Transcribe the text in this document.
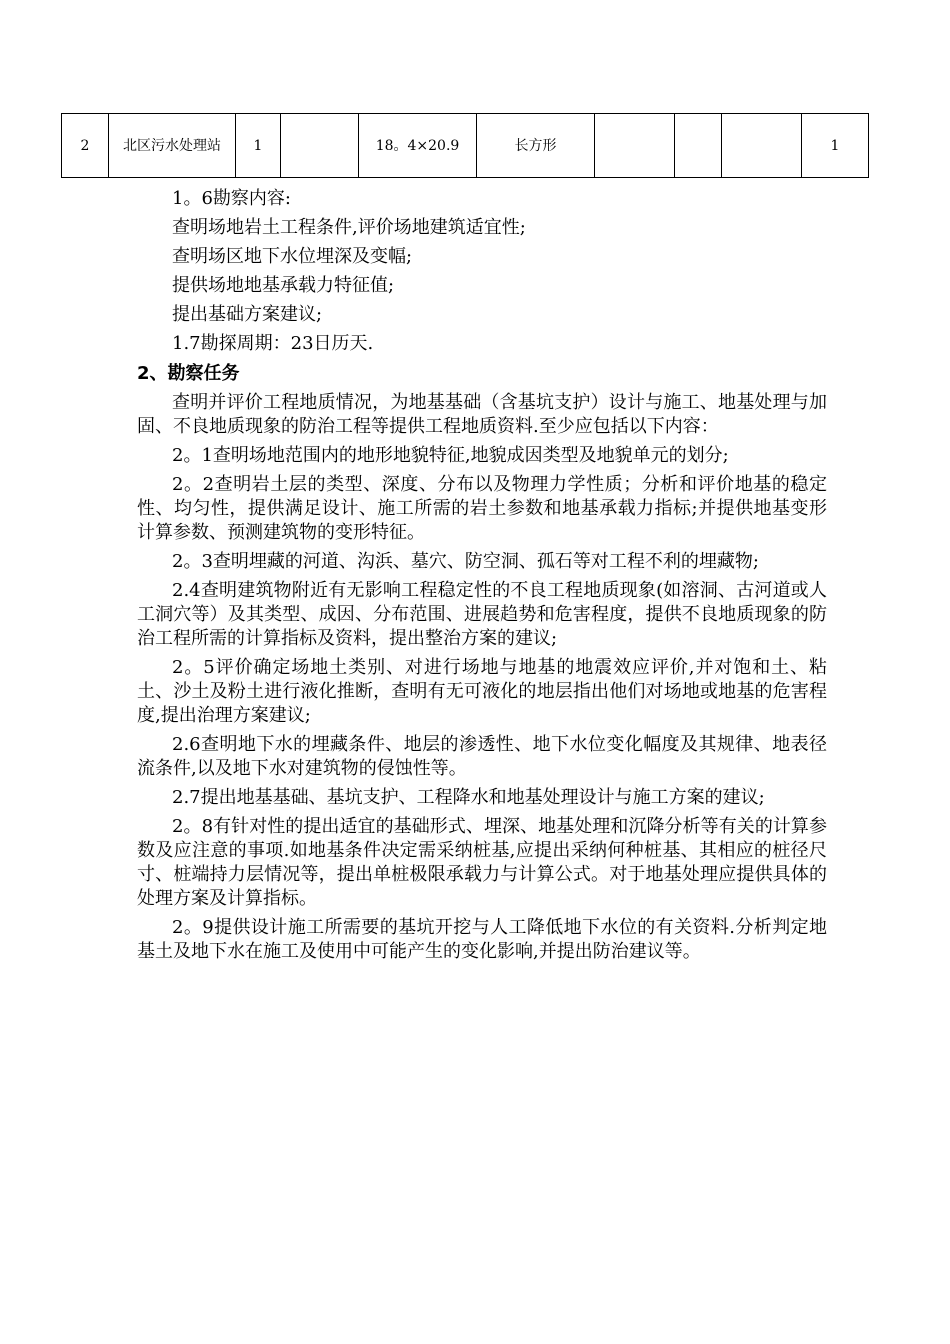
2	北区污水处理站	1		18。4×20.9	长方形					1
1。6勘察内容:
查明场地岩土工程条件,评价场地建筑适宜性;
查明场区地下水位埋深及变幅;
提供场地地基承载力特征值;
提出基础方案建议;
1.7勘探周期：23日历天.
2、勘察任务

查明并评价工程地质情况，为地基基础（含基坑支护）设计与施工、地基处理与加固、不良地质现象的防治工程等提供工程地质资料.至少应包括以下内容：

2。1查明场地范围内的地形地貌特征,地貌成因类型及地貌单元的划分;

2。2查明岩土层的类型、深度、分布以及物理力学性质；分析和评价地基的稳定性、均匀性，提供满足设计、施工所需的岩土参数和地基承载力指标;并提供地基变形计算参数、预测建筑物的变形特征。

2。3查明埋藏的河道、沟浜、墓穴、防空洞、孤石等对工程不利的埋藏物;

2.4查明建筑物附近有无影响工程稳定性的不良工程地质现象(如溶洞、古河道或人工洞穴等）及其类型、成因、分布范围、进展趋势和危害程度，提供不良地质现象的防治工程所需的计算指标及资料，提出整治方案的建议;

2。5评价确定场地土类别、对进行场地与地基的地震效应评价,并对饱和土、粘土、沙土及粉土进行液化推断，查明有无可液化的地层指出他们对场地或地基的危害程度,提出治理方案建议;

2.6查明地下水的埋藏条件、地层的渗透性、地下水位变化幅度及其规律、地表径流条件,以及地下水对建筑物的侵蚀性等。

2.7提出地基基础、基坑支护、工程降水和地基处理设计与施工方案的建议;

2。8有针对性的提出适宜的基础形式、埋深、地基处理和沉降分析等有关的计算参数及应注意的事项.如地基条件决定需采纳桩基,应提出采纳何种桩基、其相应的桩径尺寸、桩端持力层情况等，提出单桩极限承载力与计算公式。对于地基处理应提供具体的处理方案及计算指标。

2。9提供设计施工所需要的基坑开挖与人工降低地下水位的有关资料.分析判定地基土及地下水在施工及使用中可能产生的变化影响,并提出防治建议等。
